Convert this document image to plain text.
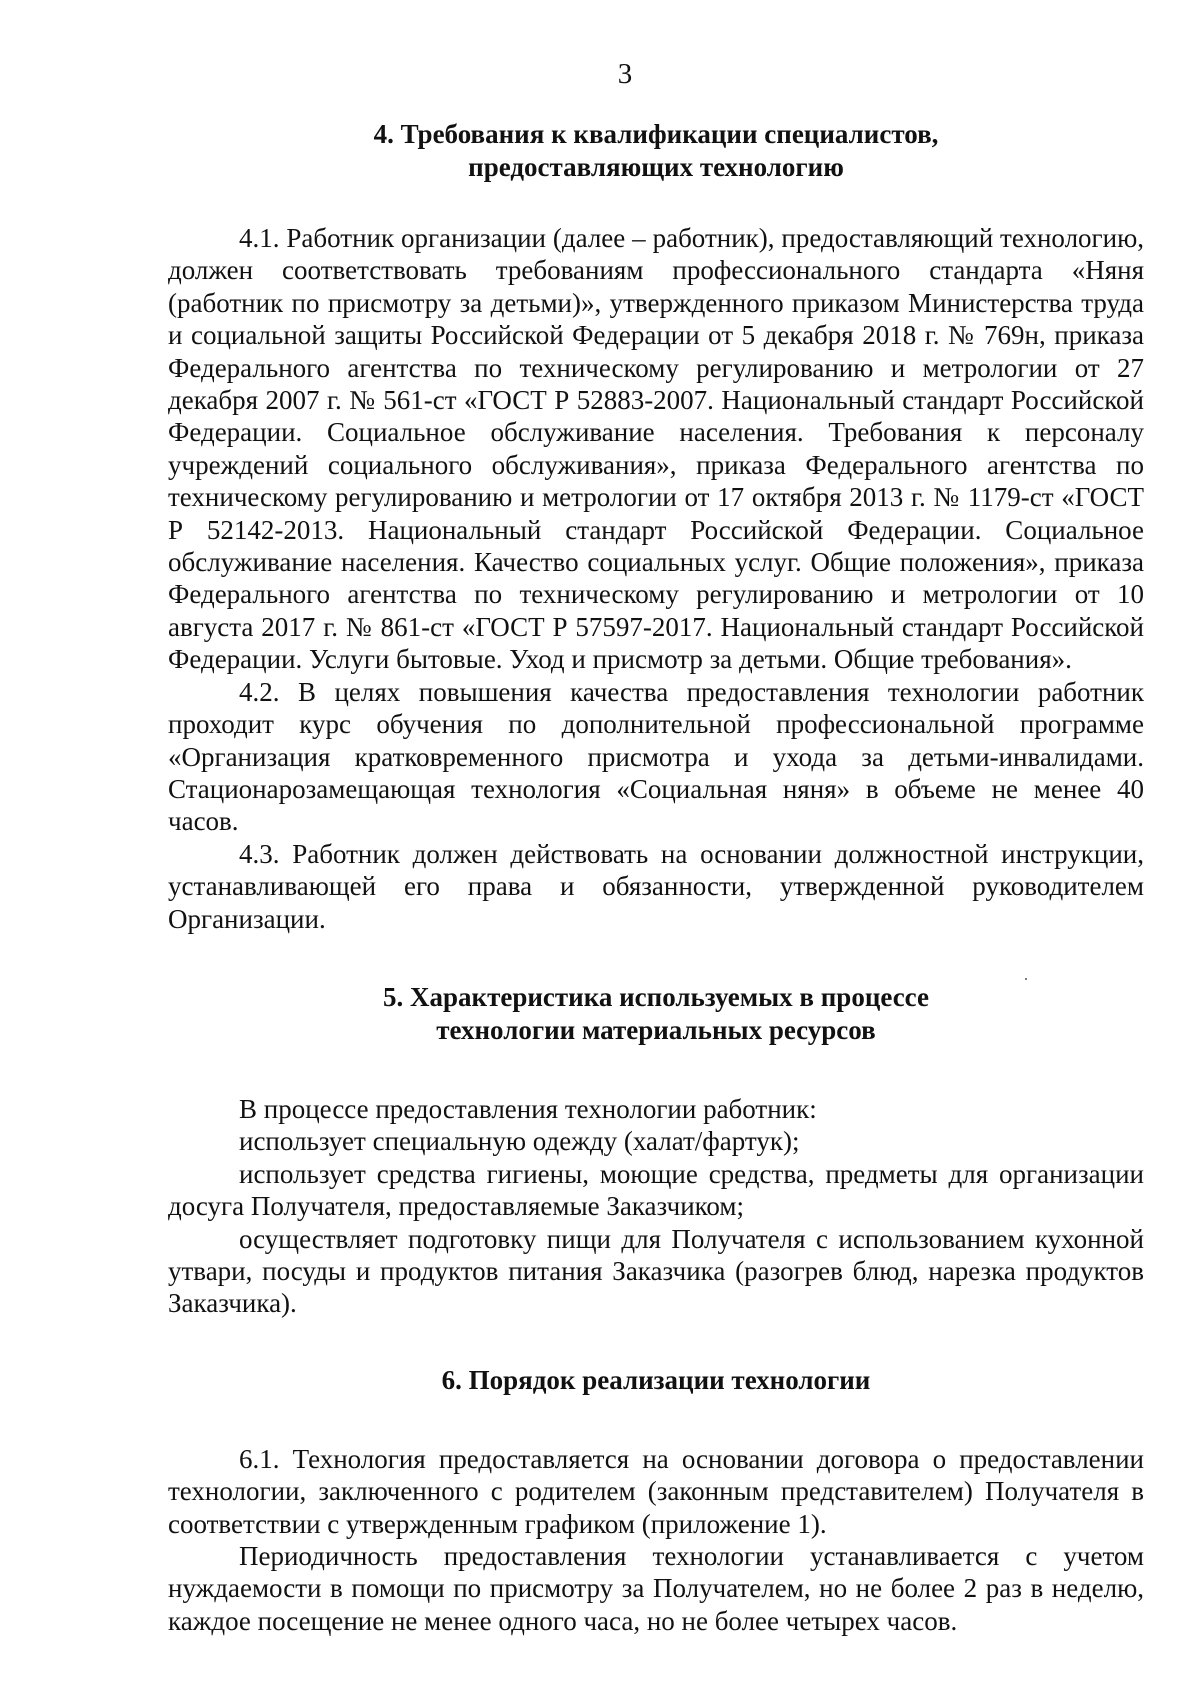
3
4. Требования к квалификации специалистов,
предоставляющих технологию

4.1. Работник организации (далее – работник), предоставляющий технологию, должен соответствовать требованиям профессионального стандарта «Няня (работник по присмотру за детьми)», утвержденного приказом Министерства труда и социальной защиты Российской Федерации от 5 декабря 2018 г. № 769н, приказа Федерального агентства по техническому регулированию и метрологии от 27 декабря 2007 г. № 561-ст «ГОСТ Р 52883-2007. Национальный стандарт Российской Федерации. Социальное обслуживание населения. Требования к персоналу учреждений социального обслуживания», приказа Федерального агентства по техническому регулированию и метрологии от 17 октября 2013 г. № 1179-ст «ГОСТ Р 52142-2013. Национальный стандарт Российской Федерации. Социальное обслуживание населения. Качество социальных услуг. Общие положения», приказа Федерального агентства по техническому регулированию и метрологии от 10 августа 2017 г. № 861-ст «ГОСТ Р 57597-2017. Национальный стандарт Российской Федерации. Услуги бытовые. Уход и присмотр за детьми. Общие требования».

4.2. В целях повышения качества предоставления технологии работник проходит курс обучения по дополнительной профессиональной программе «Организация кратковременного присмотра и ухода за детьми-инвалидами. Стационарозамещающая технология «Социальная няня» в объеме не менее 40 часов.

4.3. Работник должен действовать на основании должностной инструкции, устанавливающей его права и обязанности, утвержденной руководителем Организации.

5. Характеристика используемых в процессе
технологии материальных ресурсов

В процессе предоставления технологии работник:

использует специальную одежду (халат/фартук);

использует средства гигиены, моющие средства, предметы для организации досуга Получателя, предоставляемые Заказчиком;

осуществляет подготовку пищи для Получателя с использованием кухонной утвари, посуды и продуктов питания Заказчика (разогрев блюд, нарезка продуктов Заказчика).

6. Порядок реализации технологии

6.1. Технология предоставляется на основании договора о предоставлении технологии, заключенного с родителем (законным представителем) Получателя в соответствии с утвержденным графиком (приложение 1).

Периодичность предоставления технологии устанавливается с учетом нуждаемости в помощи по присмотру за Получателем, но не более 2 раз в неделю, каждое посещение не менее одного часа, но не более четырех часов.
